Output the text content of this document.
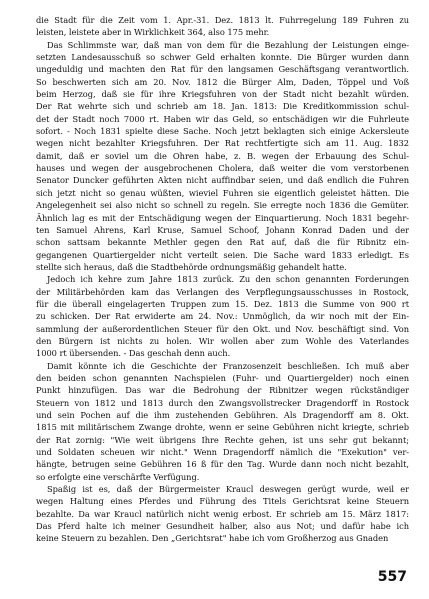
die Stadt für die Zeit vom 1. Apr.-31. Dez. 1813 lt. Fuhrregelung 189 Fuhren zu
leisten, leistete aber in Wirklichkeit 364, also 175 mehr.
Das Schlimmste war, daß man von dem für die Bezahlung der Leistungen einge-
setzten Landesausschuß so schwer Geld erhalten konnte. Die Bürger wurden dann
ungeduldig und machten den Rat für den langsamen Geschäftsgang verantwortlich.
So beschwerten sich am 20. Nov. 1812 die Bürger Alm, Daden, Töppel und Voß
beim Herzog, daß sie für ihre Kriegsfuhren von der Stadt nicht bezahlt würden.
Der Rat wehrte sich und schrieb am 18. Jan. 1813: Die Kreditkommission schul-
det der Stadt noch 7000 rt. Haben wir das Geld, so entschädigen wir die Fuhrleute
sofort. - Noch 1831 spielte diese Sache. Noch jetzt beklagten sich einige Ackersleute
wegen nicht bezahlter Kriegsfuhren. Der Rat rechtfertigte sich am 11. Aug. 1832
damit, daß er soviel um die Ohren habe, z. B. wegen der Erbauung des Schul-
hauses und wegen der ausgebrochenen Cholera, daß weiter die vom verstorbenen
Senator Duncker geführten Akten nicht auffindbar seien, und daß endlich die Fuhren
sich jetzt nicht so genau wüßten, wieviel Fuhren sie eigentlich geleistet hätten. Die
Angelegenheit sei also nicht so schnell zu regeln. Sie erregte noch 1836 die Gemüter.
Ähnlich lag es mit der Entschädigung wegen der Einquartierung. Noch 1831 begehr-
ten Samuel Ahrens, Karl Kruse, Samuel Schoof, Johann Konrad Daden und der
schon sattsam bekannte Methler gegen den Rat auf, daß die für Ribnitz ein-
gegangenen Quartiergelder nicht verteilt seien. Die Sache ward 1833 erledigt. Es
stellte sich heraus, daß die Stadtbehörde ordnungsmäßig gehandelt hatte.
Jedoch ich kehre zum Jahre 1813 zurück. Zu den schon genannten Forderungen
der Militärbehörden kam das Verlangen des Verpflegungsausschusses in Rostock,
für die überall eingelagerten Truppen zum 15. Dez. 1813 die Summe von 900 rt
zu schicken. Der Rat erwiderte am 24. Nov.: Unmöglich, da wir noch mit der Ein-
sammlung der außerordentlichen Steuer für den Okt. und Nov. beschäftigt sind. Von
den Bürgern ist nichts zu holen. Wir wollen aber zum Wohle des Vaterlandes
1000 rt übersenden. - Das geschah denn auch.
Damit könnte ich die Geschichte der Franzosenzeit beschließen. Ich muß aber
den beiden schon genannten Nachspielen (Fuhr- und Quartiergelder) noch einen
Punkt hinzufügen. Das war die Bedrohung der Ribnitzer wegen rückständiger
Steuern von 1812 und 1813 durch den Zwangsvollstrecker Dragendorff in Rostock
und sein Pochen auf die ihm zustehenden Gebühren. Als Dragendorff am 8. Okt.
1815 mit militärischem Zwange drohte, wenn er seine Gebühren nicht kriegte, schrieb
der Rat zornig: "Wie weit übrigens Ihre Rechte gehen, ist uns sehr gut bekannt;
und Soldaten scheuen wir nicht." Wenn Dragendorff nämlich die "Exekution" ver-
hängte, betrugen seine Gebühren 16 ß für den Tag. Wurde dann noch nicht bezahlt,
so erfolgte eine verschärfte Verfügung.
Spaßig ist es, daß der Bürgermeister Kraucl deswegen gerügt wurde, weil er
wegen Haltung eines Pferdes und Führung des Titels Gerichtsrat keine Steuern
bezahlte. Da war Kraucl natürlich nicht wenig erbost. Er schrieb am 15. März 1817:
Das Pferd halte ich meiner Gesundheit halber, also aus Not; und dafür habe ich
keine Steuern zu bezahlen. Den „Gerichtsrat" habe ich vom Großherzog aus Gnaden
557
